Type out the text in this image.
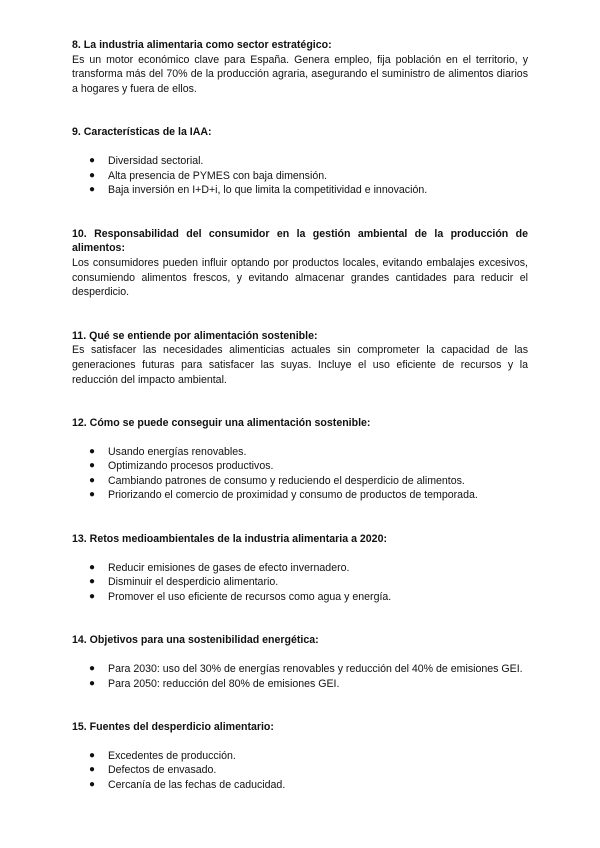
8. La industria alimentaria como sector estratégico:

Es un motor económico clave para España. Genera empleo, fija población en el territorio, y transforma más del 70% de la producción agraria, asegurando el suministro de alimentos diarios a hogares y fuera de ellos.

9. Características de la IAA:

● Diversidad sectorial.
● Alta presencia de PYMES con baja dimensión.
● Baja inversión en I+D+i, lo que limita la competitividad e innovación.

10. Responsabilidad del consumidor en la gestión ambiental de la producción de alimentos:

Los consumidores pueden influir optando por productos locales, evitando embalajes excesivos, consumiendo alimentos frescos, y evitando almacenar grandes cantidades para reducir el desperdicio.

11. Qué se entiende por alimentación sostenible:

Es satisfacer las necesidades alimenticias actuales sin comprometer la capacidad de las generaciones futuras para satisfacer las suyas. Incluye el uso eficiente de recursos y la reducción del impacto ambiental.

12. Cómo se puede conseguir una alimentación sostenible:

● Usando energías renovables.
● Optimizando procesos productivos.
● Cambiando patrones de consumo y reduciendo el desperdicio de alimentos.
● Priorizando el comercio de proximidad y consumo de productos de temporada.

13. Retos medioambientales de la industria alimentaria a 2020:

● Reducir emisiones de gases de efecto invernadero.
● Disminuir el desperdicio alimentario.
● Promover el uso eficiente de recursos como agua y energía.

14. Objetivos para una sostenibilidad energética:

● Para 2030: uso del 30% de energías renovables y reducción del 40% de emisiones GEI.
● Para 2050: reducción del 80% de emisiones GEI.

15. Fuentes del desperdicio alimentario:

● Excedentes de producción.
● Defectos de envasado.
● Cercanía de las fechas de caducidad.
